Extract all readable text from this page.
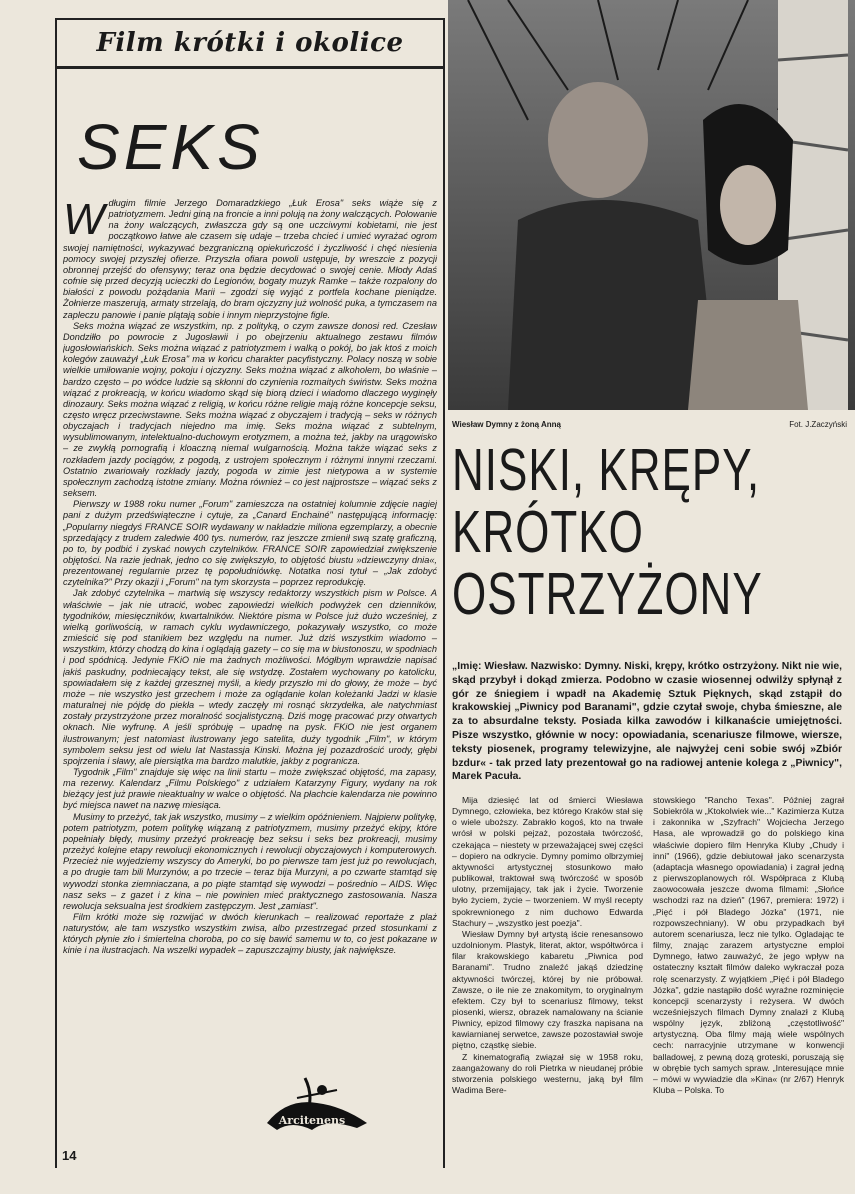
Film krótki i okolice
SEKS
W długim filmie Jerzego Domaradzkiego „Łuk Erosa" seks wiąże się z patriotyzmem. Jedni giną na froncie a inni polują na żony walczących. Polowanie na żony walczących, zwłaszcza gdy są one uczciwymi kobietami, nie jest początkowo łatwe ale czasem się udaje – trzeba chcieć i umieć wyrażać ogrom swojej namiętności, wykazywać bezgraniczną opiekuńczość i życzliwość i chęć niesienia pomocy swojej przyszłej ofierze. Przyszła ofiara powoli ustępuje, by wreszcie z pozycji obronnej przejść do ofensywy; teraz ona będzie decydować o swojej cenie. Młody Adaś cofnie się przed decyzją ucieczki do Legionów, bogaty muzyk Ramke – także rozpalony do białości z powodu pożądania Marii – zgodzi się wyjąć z portfela kochane pieniądze. Żołnierze maszerują, armaty strzelają, do bram ojczyzny już wolność puka, a tymczasem na zapleczu panowie i panie plątają sobie i innym nieprzystojne figle.

Seks można wiązać ze wszystkim, np. z polityką, o czym zawsze donosi red. Czesław Dondziłło po powrocie z Jugosławii i po obejrzeniu aktualnego zestawu filmów jugosłowiańskich. Seks można wiązać z patriotyzmem i walką o pokój, bo jak ktoś z moich kolegów zauważył „Łuk Erosa" ma w końcu charakter pacyfistyczny. Polacy noszą w sobie wielkie umiłowanie wojny, pokoju i ojczyzny. Seks można wiązać z alkoholem, bo właśnie – bardzo często – po wódce ludzie są skłonni do czynienia rozmaitych świństw. Seks można wiązać z prokreacją, w końcu wiadomo skąd się biorą dzieci i wiadomo dlaczego wyginęły dinozaury. Seks można wiązać z religią, w końcu różne religie mają różne koncepcje seksu, często wręcz przeciwstawne. Seks można wiązać z obyczajem i tradycją – seks w różnych obyczajach i tradycjach niejedno ma imię. Seks można wiązać z subtelnym, wysublimowanym, intelektualno-duchowym erotyzmem, a można też, jakby na urągowisko – ze zwykłą pornografią i kloaczną niemal wulgarnością. Można także wiązać seks z rozkładem jazdy pociągów, z pogodą, z ustrojem społecznym i różnymi innymi rzeczami. Ostatnio zwariowały rozkłady jazdy, pogoda w zimie jest nietypowa a w systemie społecznym zachodzą istotne zmiany. Można również – co jest najprostsze – wiązać seks z seksem.

Pierwszy w 1988 roku numer „Forum" zamieszcza na ostatniej kolumnie zdjęcie nagiej pani z dużym przedświąteczne i cytuje, za „Canard Enchainé" następującą informację: „Popularny niegdyś FRANCE SOIR wydawany w nakładzie miliona egzemplarzy, a obecnie sprzedający z trudem zaledwie 400 tys. numerów, raz jeszcze zmienił swą szatę graficzną, po to, by podbić i zyskać nowych czytelników. FRANCE SOIR zapowiedział zwiększenie objętości. Na razie jednak, jedno co się zwiększyło, to objętość biustu »dziewczyny dnia«, prezentowanej regularnie przez tę popołudniówkę. Notatka nosi tytuł – „Jak zdobyć czytelnika?" Przy okazji i „Forum" na tym skorzysta – poprzez reprodukcję.

Jak zdobyć czytelnika – martwią się wszyscy redaktorzy wszystkich pism w Polsce. A właściwie – jak nie utracić, wobec zapowiedzi wielkich podwyżek cen dzienników, tygodników, miesięczników, kwartalników. Niektóre pisma w Polsce już dużo wcześniej, z wielką gorliwością, w ramach cyklu wydawniczego, pokazywały wszystko, co może zmieścić się pod stanikiem bez względu na numer. Już dziś wszystkim wiadomo – wszystkim, którzy chodzą do kina i oglądają gazety – co się ma w biustonoszu, w spodniach i pod spódnicą. Jedynie FKiO nie ma żadnych możliwości. Mógłbym wprawdzie napisać jakiś paskudny, podniecający tekst, ale się wstydzę. Zostałem wychowany po katolicku, spowiadałem się z każdej grzesznej myśli, a kiedy przyszło mi do głowy, że może – być może – nie wszystko jest grzechem i może za oglądanie kolan koleżanki Jadzi w klasie maturalnej nie pójdę do piekła – wtedy zaczęły mi rosnąć skrzydełka, ale natychmiast zostały przystrzyżone przez moralność socjalistyczną. Dziś mogę pracować przy otwartych oknach. Nie wyfrunę. A jeśli spróbuję – upadnę na pysk. FKiO nie jest organem ilustrowanym; jest natomiast ilustrowany jego satelita, duży tygodnik „Film", w którym symbolem seksu jest od wielu lat Nastassja Kinski. Można jej pozazdrościć urody, głębi spojrzenia i sławy, ale piersiątka ma bardzo malutkie, jakby z pogranicza.

Tygodnik „Film" znajduje się więc na linii startu – może zwiększać objętość, ma zapasy, ma rezerwy. Kalendarz „Filmu Polskiego" z udziałem Katarzyny Figury, wydany na rok bieżący jest już prawie nieaktualny w walce o objętość. Na płachcie kalendarza nie powinno być miejsca nawet na nazwę miesiąca.

Musimy to przeżyć, tak jak wszystko, musimy – z wielkim opóźnieniem. Najpierw politykę, potem patriotyzm, potem politykę wiązaną z patriotyzmem, musimy przeżyć ekipy, które popełniały błędy, musimy przeżyć prokreację bez seksu i seks bez prokreacji, musimy przeżyć kolejne etapy rewolucji ekonomicznych i rewolucji obyczajowych i komputerowych. Przecież nie wyjedziemy wszyscy do Ameryki, bo po pierwsze tam jest już po rewolucjach, a po drugie tam bili Murzynów, a po trzecie – teraz bija Murzyni, a po czwarte stamtąd się wywodzi stonka ziemniaczana, a po piąte stamtąd się wywodzi – pośrednio – AIDS. Więc nasz seks – z gazet i z kina – nie powinien mieć praktycznego zastosowania. Nasza rewolucja seksualna jest środkiem zastępczym. Jest „zamiast".

Film krótki może się rozwijać w dwóch kierunkach – realizować reportaże z plaż naturystów, ale tam wszystko wszystkim zwisa, albo przestrzegać przed stosunkami z których płynie zło i śmiertelna choroba, po co się bawić samemu w to, co jest pokazane w kinie i na ilustracjach. Na wszelki wypadek – zapuszczajmy biusty, jak największe.

Arcitenens
14
Wiesław Dymny z żoną Anną	Fot. J.Zaczyński
NISKI, KRĘPY,
KRÓTKO
OSTRZYŻONY
„Imię: Wiesław. Nazwisko: Dymny. Niski, krępy, krótko ostrzyżony. Nikt nie wie, skąd przybył i dokąd zmierza. Podobno w czasie wiosennej odwilży spłynął z gór ze śniegiem i wpadł na Akademię Sztuk Pięknych, skąd zstąpił do krakowskiej „Piwnicy pod Baranami", gdzie czytał swoje, chyba śmieszne, ale za to absurdalne teksty. Posiada kilka zawodów i kilkanaście umiejętności. Pisze wszystko, głównie w nocy: opowiadania, scenariusze filmowe, wiersze, teksty piosenek, programy telewizyjne, ale najwyżej ceni sobie swój »Zbiór bzdur« - tak przed laty prezentował go na radiowej antenie kolega z „Piwnicy", Marek Pacuła.

Mija dziesięć lat od śmierci Wiesława Dymnego, człowieka, bez którego Kraków stał się o wiele uboższy. Zabrakło kogoś, kto na trwałe wrósł w polski pejzaż, pozostała twórczość, czekająca – niestety w przeważającej swej części – dopiero na odkrycie. Dymny pomimo olbrzymiej aktywności artystycznej stosunkowo mało publikował, traktował swą twórczość w sposób ulotny, przemijający, tak jak i życie. Tworzenie było życiem, życie – tworzeniem. W myśl recepty spokrewnionego z nim duchowo Edwarda Stachury – „wszystko jest poezja".

Wiesław Dymny był artystą iście renesansowo uzdolnionym. Plastyk, literat, aktor, współtwórca i filar krakowskiego kabaretu „Piwnica pod Baranami". Trudno znaleźć jakąś dziedzinę aktywności twórczej, której by nie próbował. Zawsze, o ile nie ze znakomitym, to oryginalnym efektem. Czy był to scenariusz filmowy, tekst piosenki, wiersz, obrazek namalowany na ścianie Piwnicy, epizod filmowy czy fraszka napisana na kawiarnianej serwetce, zawsze pozostawiał swoje piętno, cząstkę siebie.

Z kinematografią związał się w 1958 roku, zaangażowany do roli Pietrka w nieudanej próbie stworzenia polskiego westernu, jaką był film Wadima Bere-

stowskiego "Rancho Texas". Później zagrał Sobiekróla w „Ktokolwiek wie..." Kazimierza Kutza i zakonnika w „Szyfrach" Wojciecha Jerzego Hasa, ale wprowadził go do polskiego kina właściwie dopiero film Henryka Kluby „Chudy i inni" (1966), gdzie debiutował jako scenarzysta (adaptacja własnego opowiadania) i zagrał jedną z pierwszoplanowych ról. Współpraca z Klubą zaowocowała jeszcze dwoma filmami: „Słońce wschodzi raz na dzień" (1967, premiera: 1972) i „Pięć i pół Bladego Józka" (1971, nie rozpowszechniany). W obu przypadkach był autorem scenariusza, lecz nie tylko. Ogladając te filmy, znając zarazem artystyczne emploi Dymnego, łatwo zauważyć, że jego wpływ na ostateczny kształt filmów daleko wykraczał poza rolę scenarzysty. Z wyjątkiem „Pięć i pół Bladego Józka", gdzie nastąpiło dość wyraźne rozminięcie koncepcji scenarzysty i reżysera. W dwóch wcześniejszych filmach Dymny znalazł z Klubą wspólny język, zbliżoną „częstotliwość" artystyczną. Oba filmy mają wiele wspólnych cech: narracyjnie utrzymane w konwencji balladowej, z pewną dozą groteski, poruszają się w obrębie tych samych spraw. „Interesujące mnie – mówi w wywiadzie dla »Kina« (nr 2/67) Henryk Kluba – Polska. To
